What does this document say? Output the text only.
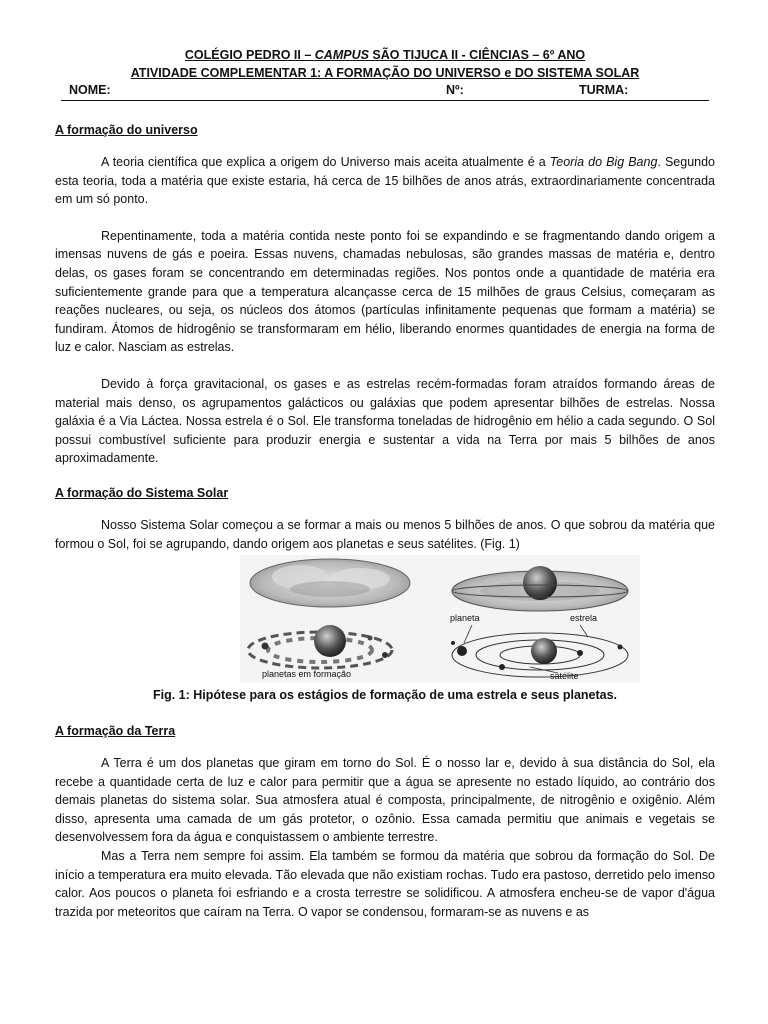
COLÉGIO PEDRO II – CAMPUS SÃO TIJUCA II - CIÊNCIAS – 6º ANO
ATIVIDADE COMPLEMENTAR 1: A FORMAÇÃO DO UNIVERSO e DO SISTEMA SOLAR
NOME:	Nº:	TURMA:
A formação do universo

A teoria científica que explica a origem do Universo mais aceita atualmente é a Teoria do Big Bang. Segundo esta teoria, toda a matéria que existe estaria, há cerca de 15 bilhões de anos atrás, extraordinariamente concentrada em um só ponto.

Repentinamente, toda a matéria contida neste ponto foi se expandindo e se fragmentando dando origem a imensas nuvens de gás e poeira. Essas nuvens, chamadas nebulosas, são grandes massas de matéria e, dentro delas, os gases foram se concentrando em determinadas regiões. Nos pontos onde a quantidade de matéria era suficientemente grande para que a temperatura alcançasse cerca de 15 milhões de graus Celsius, começaram as reações nucleares, ou seja, os núcleos dos átomos (partículas infinitamente pequenas que formam a matéria) se fundiram. Átomos de hidrogênio se transformaram em hélio, liberando enormes quantidades de energia na forma de luz e calor. Nasciam as estrelas.

Devido à força gravitacional, os gases e as estrelas recém-formadas foram atraídos formando áreas de material mais denso, os agrupamentos galácticos ou galáxias que podem apresentar bilhões de estrelas. Nossa galáxia é a Via Láctea. Nossa estrela é o Sol. Ele transforma toneladas de hidrogênio em hélio a cada segundo. O Sol possui combustível suficiente para produzir energia e sustentar a vida na Terra por mais 5 bilhões de anos aproximadamente.

A formação do Sistema Solar

Nosso Sistema Solar começou a se formar a mais ou menos 5 bilhões de anos. O que sobrou da matéria que formou o Sol, foi se agrupando, dando origem aos planetas e seus satélites. (Fig. 1)

planeta	estrela
planetas em formação	satélite
Fig. 1: Hipótese para os estágios de formação de uma estrela e seus planetas.
A formação da Terra

A Terra é um dos planetas que giram em torno do Sol. É o nosso lar e, devido à sua distância do Sol, ela recebe a quantidade certa de luz e calor para permitir que a água se apresente no estado líquido, ao contrário dos demais planetas do sistema solar. Sua atmosfera atual é composta, principalmente, de nitrogênio e oxigênio. Além disso, apresenta uma camada de um gás protetor, o ozônio. Essa camada permitiu que animais e vegetais se desenvolvessem fora da água e conquistassem o ambiente terrestre.

Mas a Terra nem sempre foi assim. Ela também se formou da matéria que sobrou da formação do Sol. De início a temperatura era muito elevada. Tão elevada que não existiam rochas. Tudo era pastoso, derretido pelo imenso calor. Aos poucos o planeta foi esfriando e a crosta terrestre se solidificou. A atmosfera encheu-se de vapor d'água trazida por meteoritos que caíram na Terra. O vapor se condensou, formaram-se as nuvens e as
